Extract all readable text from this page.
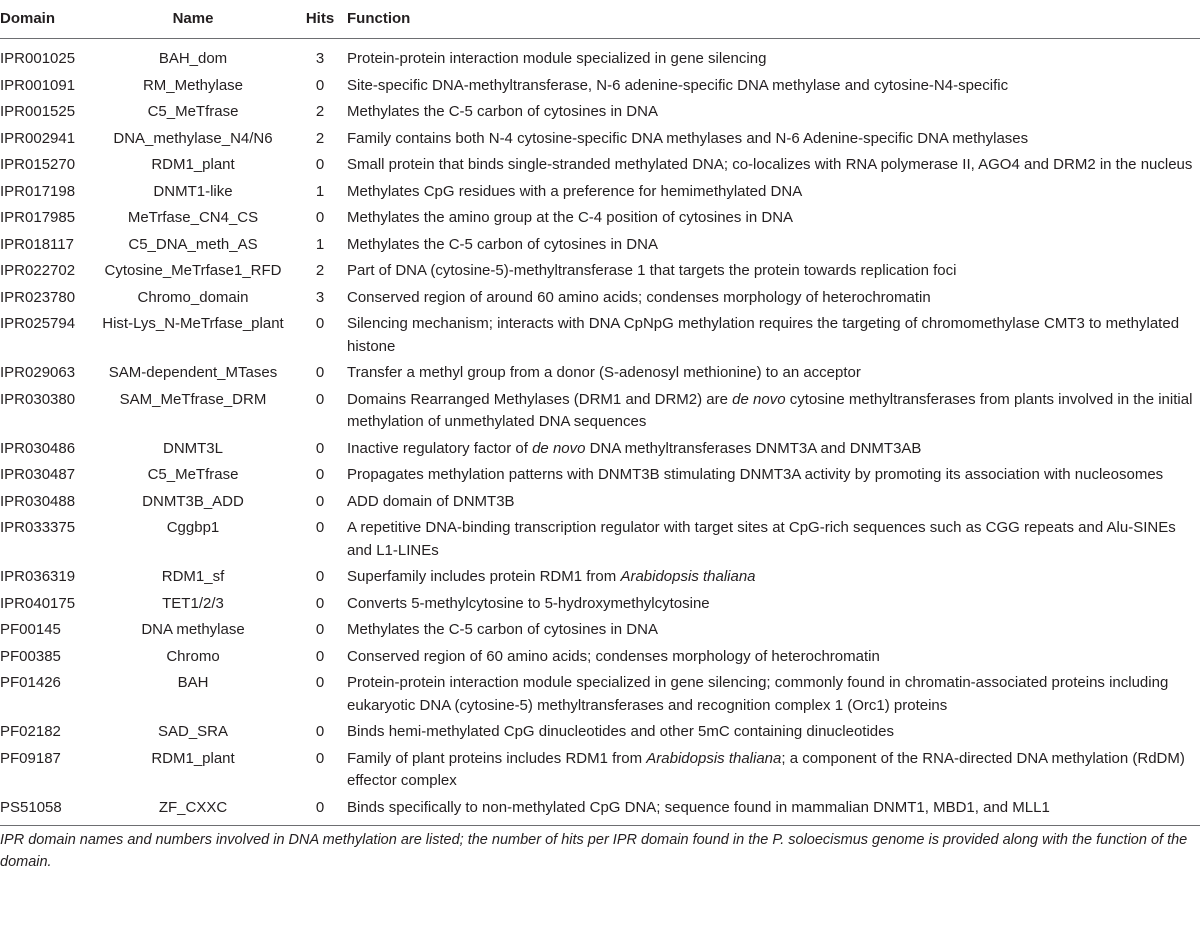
Domain	Name	Hits	Function
IPR001025	BAH_dom	3	Protein-protein interaction module specialized in gene silencing
IPR001091	RM_Methylase	0	Site-specific DNA-methyltransferase, N-6 adenine-specific DNA methylase and cytosine-N4-specific
IPR001525	C5_MeTfrase	2	Methylates the C-5 carbon of cytosines in DNA
IPR002941	DNA_methylase_N4/N6	2	Family contains both N-4 cytosine-specific DNA methylases and N-6 Adenine-specific DNA methylases
IPR015270	RDM1_plant	0	Small protein that binds single-stranded methylated DNA; co-localizes with RNA polymerase II, AGO4 and DRM2 in the nucleus
IPR017198	DNMT1-like	1	Methylates CpG residues with a preference for hemimethylated DNA
IPR017985	MeTrfase_CN4_CS	0	Methylates the amino group at the C-4 position of cytosines in DNA
IPR018117	C5_DNA_meth_AS	1	Methylates the C-5 carbon of cytosines in DNA
IPR022702	Cytosine_MeTrfase1_RFD	2	Part of DNA (cytosine-5)-methyltransferase 1 that targets the protein towards replication foci
IPR023780	Chromo_domain	3	Conserved region of around 60 amino acids; condenses morphology of heterochromatin
IPR025794	Hist-Lys_N-MeTrfase_plant	0	Silencing mechanism; interacts with DNA CpNpG methylation requires the targeting of chromomethylase CMT3 to methylated histone
IPR029063	SAM-dependent_MTases	0	Transfer a methyl group from a donor (S-adenosyl methionine) to an acceptor
IPR030380	SAM_MeTfrase_DRM	0	Domains Rearranged Methylases (DRM1 and DRM2) are de novo cytosine methyltransferases from plants involved in the initial methylation of unmethylated DNA sequences
IPR030486	DNMT3L	0	Inactive regulatory factor of de novo DNA methyltransferases DNMT3A and DNMT3AB
IPR030487	C5_MeTfrase	0	Propagates methylation patterns with DNMT3B stimulating DNMT3A activity by promoting its association with nucleosomes
IPR030488	DNMT3B_ADD	0	ADD domain of DNMT3B
IPR033375	Cggbp1	0	A repetitive DNA-binding transcription regulator with target sites at CpG-rich sequences such as CGG repeats and Alu-SINEs and L1-LINEs
IPR036319	RDM1_sf	0	Superfamily includes protein RDM1 from Arabidopsis thaliana
IPR040175	TET1/2/3	0	Converts 5-methylcytosine to 5-hydroxymethylcytosine
PF00145	DNA methylase	0	Methylates the C-5 carbon of cytosines in DNA
PF00385	Chromo	0	Conserved region of 60 amino acids; condenses morphology of heterochromatin
PF01426	BAH	0	Protein-protein interaction module specialized in gene silencing; commonly found in chromatin-associated proteins including eukaryotic DNA (cytosine-5) methyltransferases and recognition complex 1 (Orc1) proteins
PF02182	SAD_SRA	0	Binds hemi-methylated CpG dinucleotides and other 5mC containing dinucleotides
PF09187	RDM1_plant	0	Family of plant proteins includes RDM1 from Arabidopsis thaliana; a component of the RNA-directed DNA methylation (RdDM) effector complex
PS51058	ZF_CXXC	0	Binds specifically to non-methylated CpG DNA; sequence found in mammalian DNMT1, MBD1, and MLL1
IPR domain names and numbers involved in DNA methylation are listed; the number of hits per IPR domain found in the P. soloecismus genome is provided along with the function of the domain.
